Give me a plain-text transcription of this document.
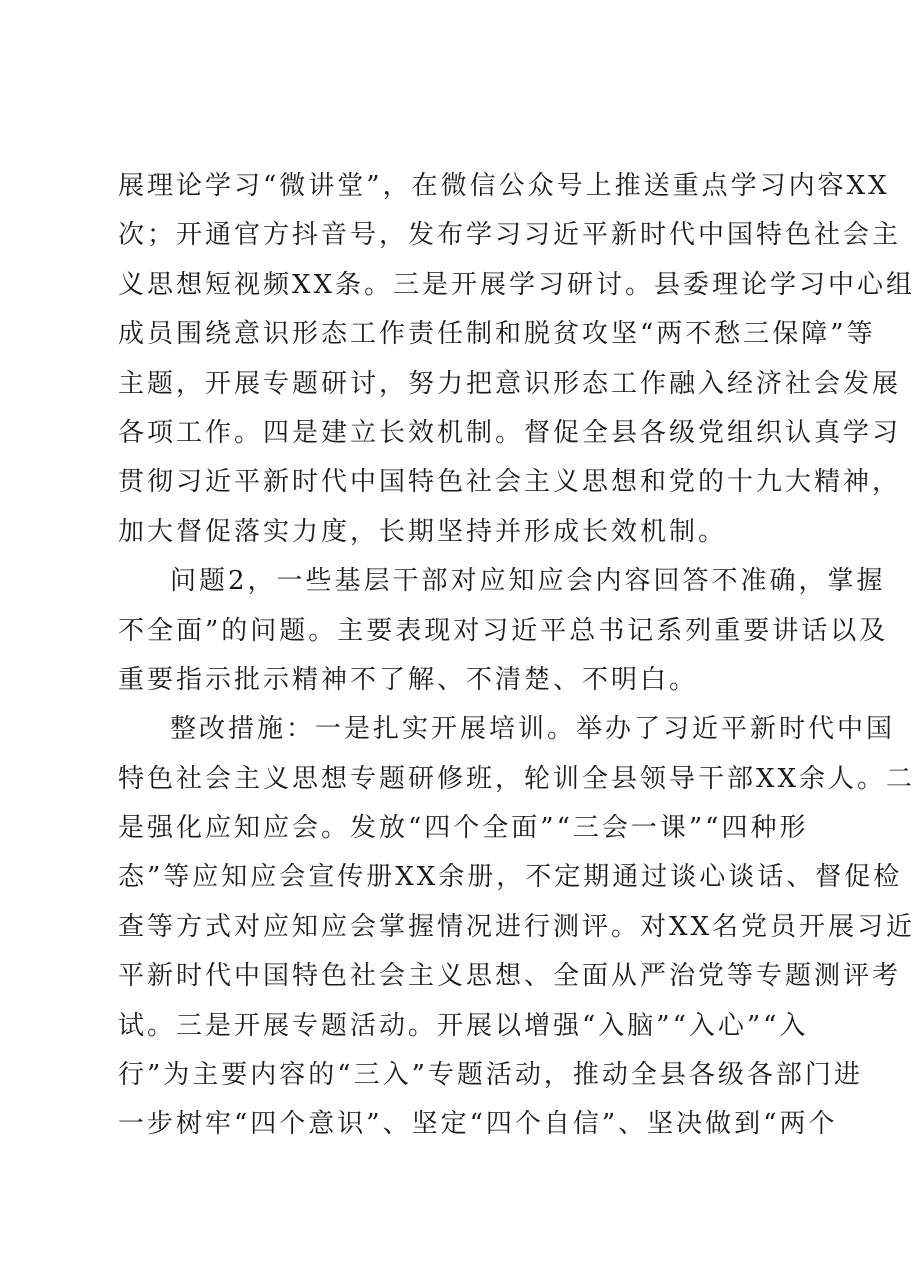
展理论学习“微讲堂”，在微信公众号上推送重点学习内容XX
次；开通官方抖音号，发布学习习近平新时代中国特色社会主
义思想短视频XX条。三是开展学习研讨。县委理论学习中心组
成员围绕意识形态工作责任制和脱贫攻坚“两不愁三保障”等
主题，开展专题研讨，努力把意识形态工作融入经济社会发展
各项工作。四是建立长效机制。督促全县各级党组织认真学习
贯彻习近平新时代中国特色社会主义思想和党的十九大精神，
加大督促落实力度，长期坚持并形成长效机制。
问题2，一些基层干部对应知应会内容回答不准确，掌握
不全面”的问题。主要表现对习近平总书记系列重要讲话以及
重要指示批示精神不了解、不清楚、不明白。
整改措施：一是扎实开展培训。举办了习近平新时代中国
特色社会主义思想专题研修班，轮训全县领导干部XX余人。二
是强化应知应会。发放“四个全面”“三会一课”“四种形
态”等应知应会宣传册XX余册，不定期通过谈心谈话、督促检
查等方式对应知应会掌握情况进行测评。对XX名党员开展习近
平新时代中国特色社会主义思想、全面从严治党等专题测评考
试。三是开展专题活动。开展以增强“入脑”“入心”“入
行”为主要内容的“三入”专题活动，推动全县各级各部门进
一步树牢“四个意识”、坚定“四个自信”、坚决做到“两个
